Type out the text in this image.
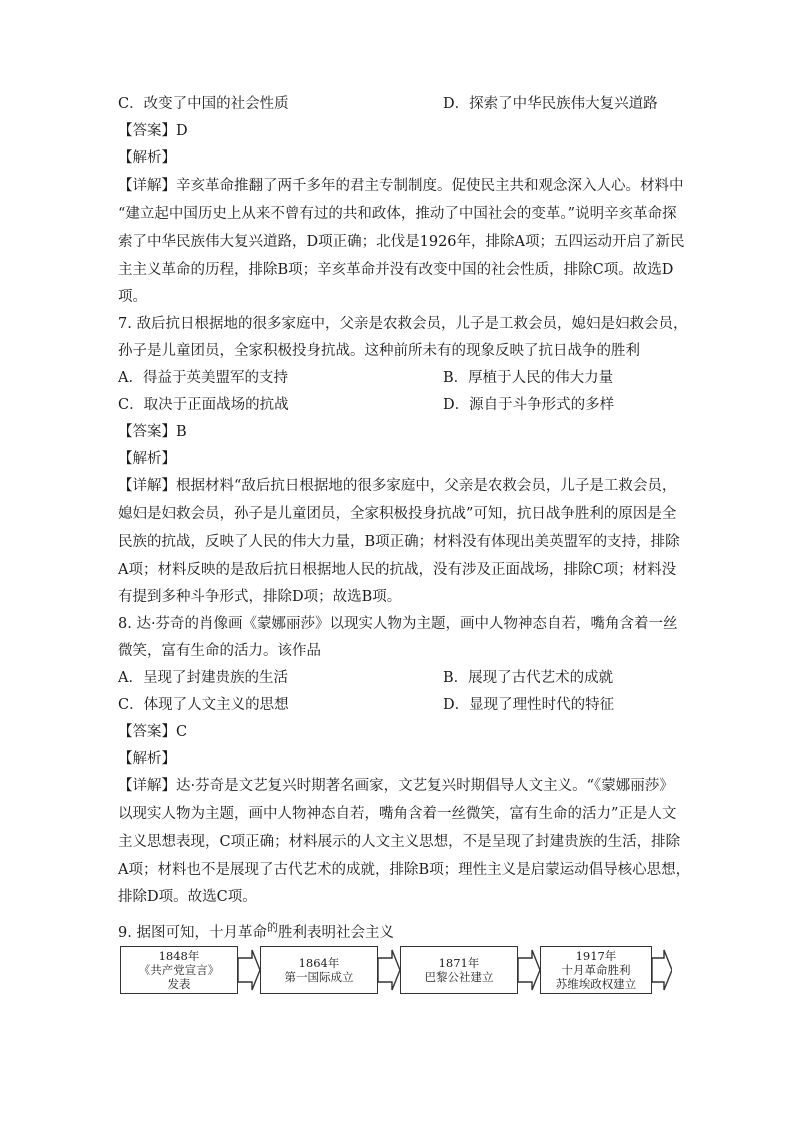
C．改变了中国的社会性质	D．探索了中华民族伟大复兴道路
【答案】D
【解析】
【详解】辛亥革命推翻了两千多年的君主专制制度。促使民主共和观念深入人心。材料中
“建立起中国历史上从来不曾有过的共和政体，推动了中国社会的变革。”说明辛亥革命探
索了中华民族伟大复兴道路，D项正确；北伐是1926年，排除A项；五四运动开启了新民
主主义革命的历程，排除B项；辛亥革命并没有改变中国的社会性质，排除C项。故选D
项。
7. 敌后抗日根据地的很多家庭中，父亲是农救会员，儿子是工救会员，媳妇是妇救会员，
孙子是儿童团员，全家积极投身抗战。这种前所未有的现象反映了抗日战争的胜利
A．得益于英美盟军的支持	B．厚植于人民的伟大力量
C．取决于正面战场的抗战	D．源自于斗争形式的多样
【答案】B
【解析】
【详解】根据材料“敌后抗日根据地的很多家庭中，父亲是农救会员，儿子是工救会员，
媳妇是妇救会员，孙子是儿童团员，全家积极投身抗战”可知，抗日战争胜利的原因是全
民族的抗战，反映了人民的伟大力量，B项正确；材料没有体现出美英盟军的支持，排除
A项；材料反映的是敌后抗日根据地人民的抗战，没有涉及正面战场，排除C项；材料没
有提到多种斗争形式，排除D项；故选B项。
8. 达·芬奇的肖像画《蒙娜丽莎》以现实人物为主题，画中人物神态自若，嘴角含着一丝
微笑，富有生命的活力。该作品
A．呈现了封建贵族的生活	B．展现了古代艺术的成就
C．体现了人文主义的思想	D．显现了理性时代的特征
【答案】C
【解析】
【详解】达·芬奇是文艺复兴时期著名画家，文艺复兴时期倡导人文主义。“《蒙娜丽莎》
以现实人物为主题，画中人物神态自若，嘴角含着一丝微笑，富有生命的活力”正是人文
主义思想表现，C项正确；材料展示的人文主义思想，不是呈现了封建贵族的生活，排除
A项；材料也不是展现了古代艺术的成就，排除B项；理性主义是启蒙运动倡导核心思想，
排除D项。故选C项。
9. 据图可知，十月革命$^的$胜利表明社会主义
1848年
《共产党宣言》
发表
1864年
第一国际成立
1871年
巴黎公社建立
1917年
十月革命胜利
苏维埃政权建立
